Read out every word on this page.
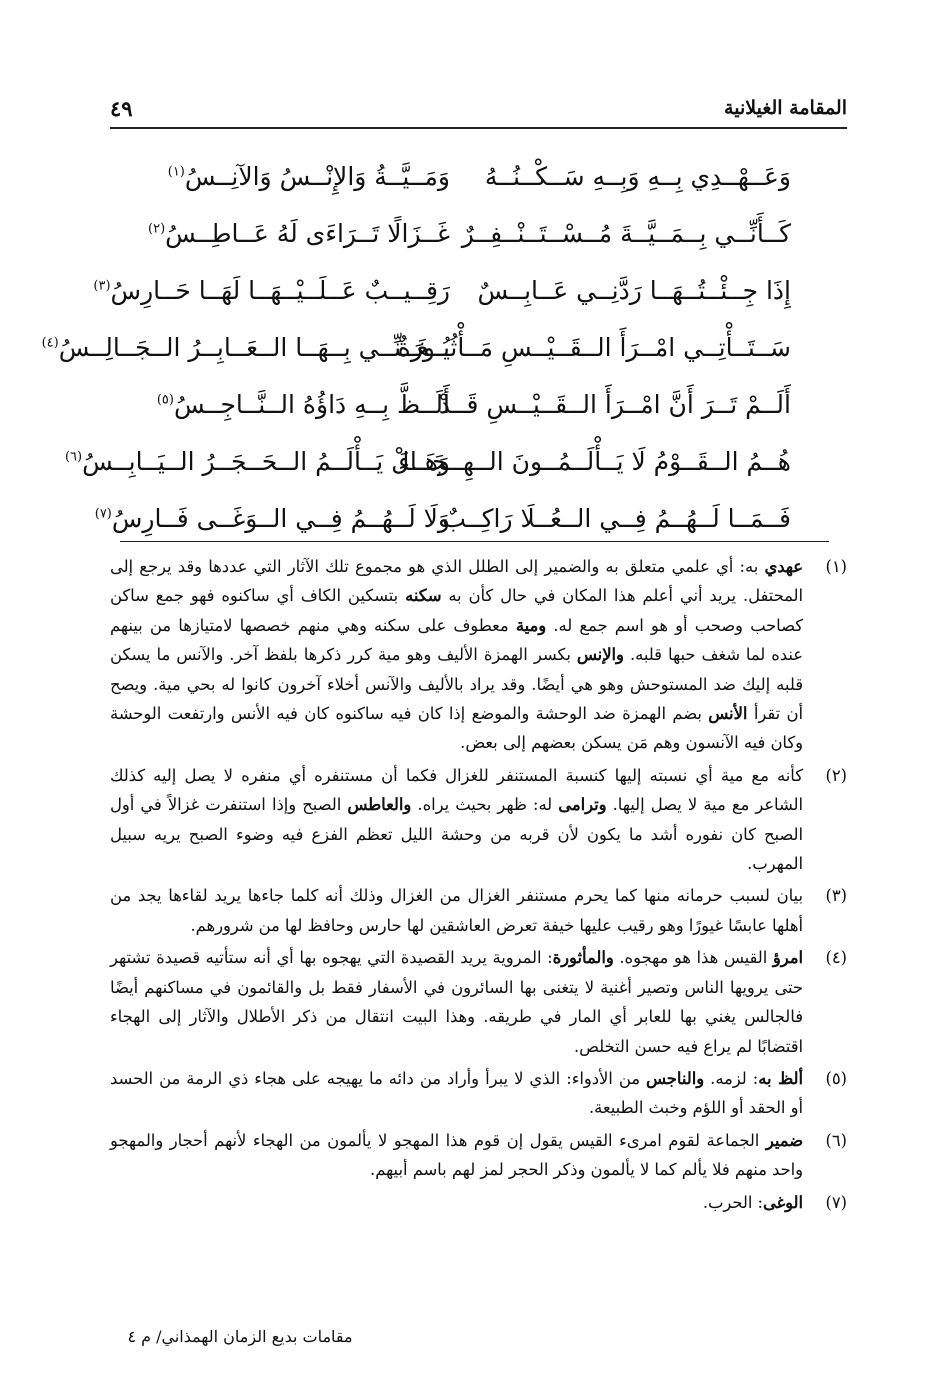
المقامة الغيلانية
٤٩
وَعَــهْــدِي بِــهِ وَبِــهِ سَــكْــنُــهُ
وَمَــيَّــةُ وَالإِنْــسُ وَالآنِــسُ$^{(١)}$
كَــأَنِّــي بِــمَــيَّــةَ مُــسْــتَــنْــفِــرٌ
غَــزَالًا تَــرَاءَى لَهُ عَــاطِــسُ$^{(٢)}$
إِذَا جِــئْــتُــهَــا رَدَّنِــي عَــابِــسٌ
رَقِــيــبٌ عَــلَــيْــهَــا لَهَــا حَــارِسُ$^{(٣)}$
سَــتَــأْتِــي امْــرَأَ الــقَــيْــسِ مَــأْثُــورَةٌ
يُــغَــنِّــي بِــهَــا الــعَــابِــرُ الــجَــالِــسُ$^{(٤)}$
أَلَــمْ تَــرَ أَنَّ امْــرَأَ الــقَــيْــسِ قَــدْ
أَلَــظَّ بِــهِ دَاؤُهُ الــنَّــاجِــسُ$^{(٥)}$
هُــمُ الــقَــوْمُ لَا يَــأْلَــمُــونَ الــهِــجَــاءَ
وَهَــلْ يَــأْلَــمُ الــحَــجَــرُ الــيَــابِــسُ$^{(٦)}$
فَــمَــا لَــهُــمُ فِــي الــعُــلَا رَاكِــبٌ
وَلَا لَــهُــمُ فِــي الــوَغَــى فَــارِسُ$^{(٧)}$
(١)
عهدي به: أي علمي متعلق به والضمير إلى الطلل الذي هو مجموع تلك الآثار التي عددها وقد يرجع إلى المحتفل. يريد أني أعلم هذا المكان في حال كأن به سكنه بتسكين الكاف أي ساكنوه فهو جمع ساكن كصاحب وصحب أو هو اسم جمع له. ومية معطوف على سكنه وهي منهم خصصها لامتيازها من بينهم عنده لما شغف حبها قلبه. والإنس بكسر الهمزة الأليف وهو مية كرر ذكرها بلفظ آخر. والآنس ما يسكن قلبه إليك ضد المستوحش وهو هي أيضًا. وقد يراد بالأليف والآنس أخلاء آخرون كانوا له بحي مية. ويصح أن تقرأ الأنس بضم الهمزة ضد الوحشة والموضع إذا كان فيه ساكنوه كان فيه الأنس وارتفعت الوحشة وكان فيه الآنسون وهم مَن يسكن بعضهم إلى بعض.
(٢)
كأنه مع مية أي نسبته إليها كنسبة المستنفر للغزال فكما أن مستنفره أي منفره لا يصل إليه كذلك الشاعر مع مية لا يصل إليها. وترامى له: ظهر بحيث يراه. والعاطس الصبح وإذا استنفرت غزالاً في أول الصبح كان نفوره أشد ما يكون لأن قربه من وحشة الليل تعظم الفزع فيه وضوء الصبح يريه سبيل المهرب.
(٣)
بيان لسبب حرمانه منها كما يحرم مستنفر الغزال من الغزال وذلك أنه كلما جاءها يريد لقاءها يجد من أهلها عابسًا غيورًا وهو رقيب عليها خيفة تعرض العاشقين لها حارس وحافظ لها من شرورهم.
(٤)
امرؤ القيس هذا هو مهجوه. والمأثورة: المروية يريد القصيدة التي يهجوه بها أي أنه ستأتيه قصيدة تشتهر حتى يرويها الناس وتصير أغنية لا يتغنى بها السائرون في الأسفار فقط بل والقائمون في مساكنهم أيضًا فالجالس يغني بها للعابر أي المار في طريقه. وهذا البيت انتقال من ذكر الأطلال والآثار إلى الهجاء اقتضابًا لم يراع فيه حسن التخلص.
(٥)
ألظ به: لزمه. والناجس من الأدواء: الذي لا يبرأ وأراد من دائه ما يهيجه على هجاء ذي الرمة من الحسد أو الحقد أو اللؤم وخبث الطبيعة.
(٦)
ضمير الجماعة لقوم امرىء القيس يقول إن قوم هذا المهجو لا يألمون من الهجاء لأنهم أحجار والمهجو واحد منهم فلا يألم كما لا يألمون وذكر الحجر لمز لهم باسم أبيهم.
(٧)
الوغى: الحرب.
مقامات بديع الزمان الهمذاني/ م ٤
